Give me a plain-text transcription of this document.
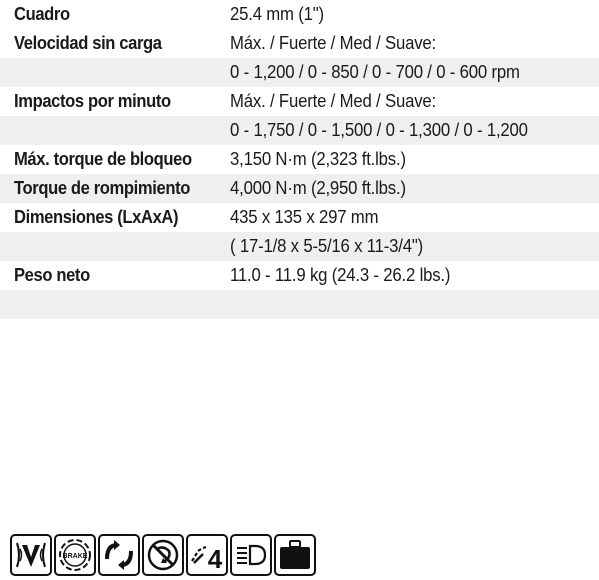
Cuadro	25.4 mm (1")
Velocidad sin carga	Máx. / Fuerte / Med / Suave:
0 - 1,200 / 0 - 850 / 0 - 700 / 0 - 600 rpm
Impactos por minuto	Máx. / Fuerte / Med / Suave:
0 - 1,750 / 0 - 1,500 / 0 - 1,300 / 0 - 1,200
Máx. torque de bloqueo 3,150 N·m (2,323 ft.lbs.)
Torque de rompimiento 4,000 N·m (2,950 ft.lbs.)
Dimensiones (LxAxA)	435 x 135 x 297 mm
( 17-1/8 x 5-5/16 x 11-3/4")
Peso neto	11.0 - 11.9 kg (24.3 - 26.2 lbs.)
BRAKE	4
